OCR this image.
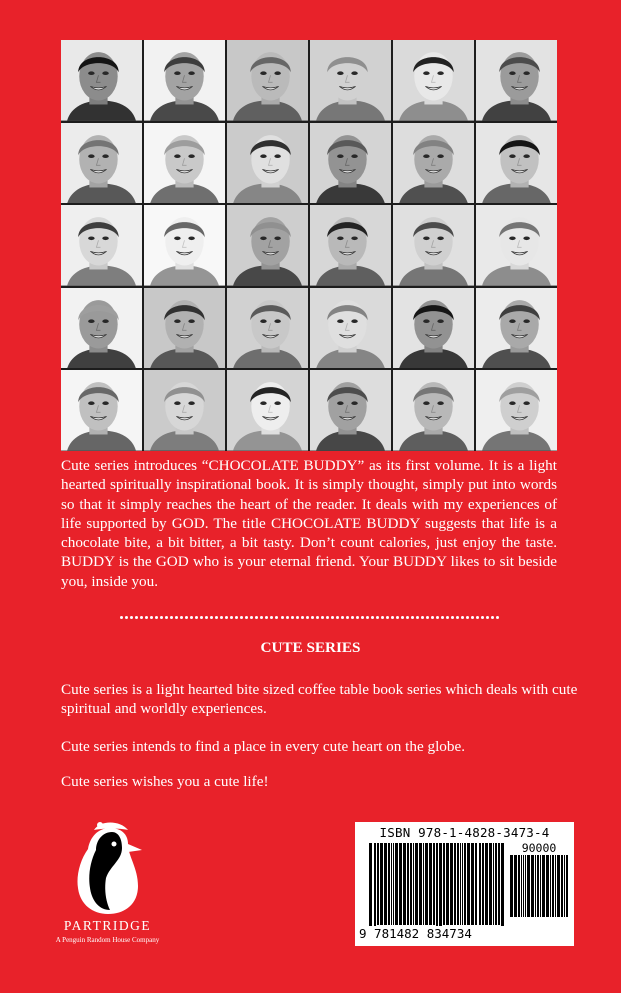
Cute series introduces “CHOCOLATE BUDDY” as its first volume. It is a light hearted spiritually inspirational book. It is simply thought, simply put into words so that it simply reaches the heart of the reader. It deals with my experiences of life supported by GOD. The title CHOCOLATE BUDDY suggests that life is a chocolate bite, a bit bitter, a bit tasty. Don’t count calories, just enjoy the taste. BUDDY is the GOD who is your eternal friend. Your BUDDY likes to sit beside you, inside you.

CUTE SERIES

Cute series is a light hearted bite sized coffee table book series which deals with cute spiritual and worldly experiences.

Cute series intends to find a place in every cute heart on the globe.

Cute series wishes you a cute life!

PARTRIDGE
A Penguin Random House Company
ISBN 978-1-4828-3473-4
90000
9 781482 834734
